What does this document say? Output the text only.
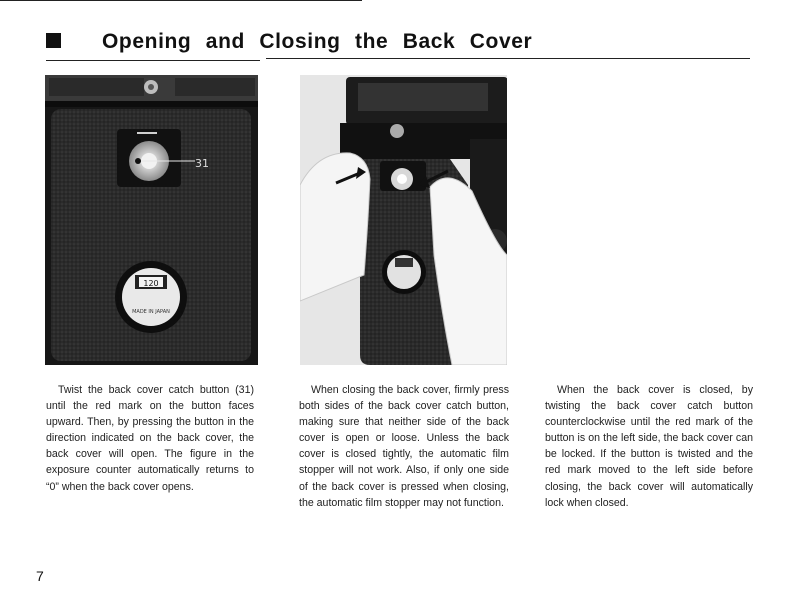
Opening and Closing the Back Cover
31
120
MADE IN JAPAN

Twist the back cover catch button (31) until the red mark on the button faces upward. Then, by pressing the button in the direction indicated on the back cover, the back cover will open. The figure in the exposure counter automatically returns to “0” when the back cover opens.

When closing the back cover, firmly press both sides of the back cover catch button, making sure that neither side of the back cover is open or loose. Unless the back cover is closed tightly, the automatic film stopper will not work. Also, if only one side of the back cover is pressed when closing, the automatic film stopper may not function.

When the back cover is closed, by twisting the back cover catch button counterclockwise until the red mark of the button is on the left side, the back cover can be locked. If the button is twisted and the red mark moved to the left side before closing, the back cover will automatically lock when closed.

7
